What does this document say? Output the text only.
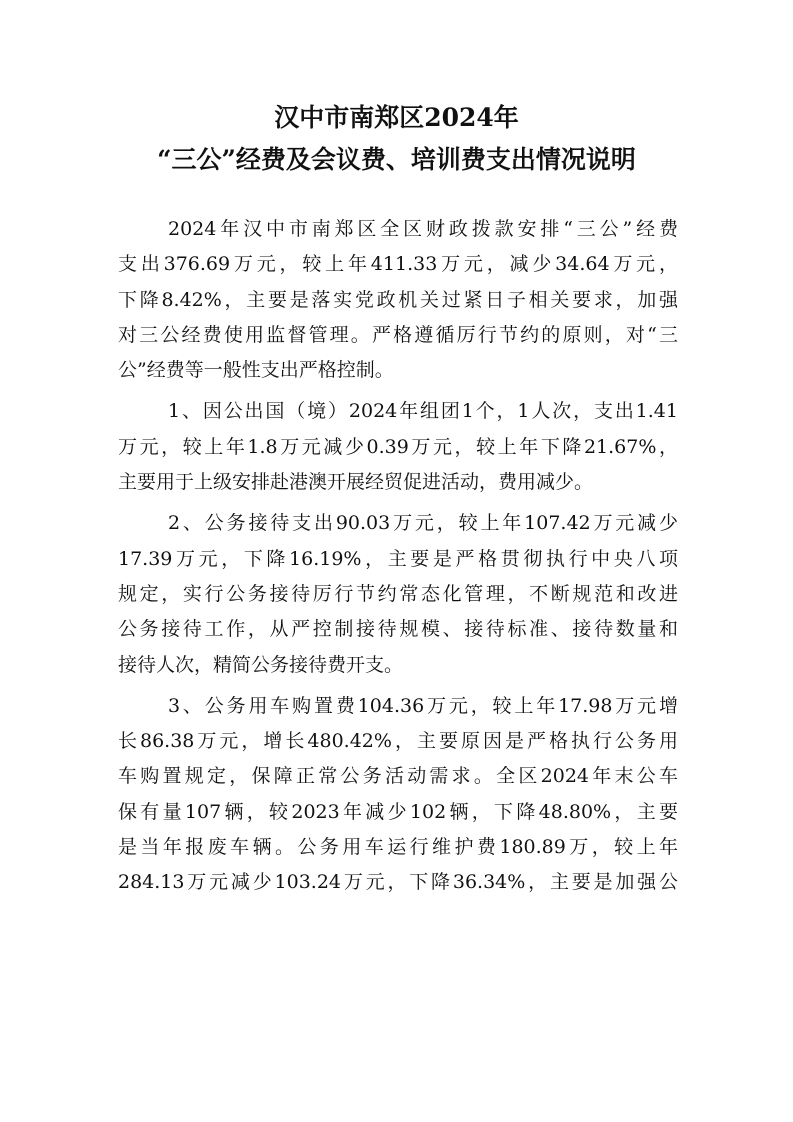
汉中市南郑区2024年
“三公”经费及会议费、培训费支出情况说明
2024年汉中市南郑区全区财政拨款安排“三公”经费
支出376.69万元，较上年411.33万元，减少34.64万元，
下降8.42%，主要是落实党政机关过紧日子相关要求，加强
对三公经费使用监督管理。严格遵循厉行节约的原则，对“三
公”经费等一般性支出严格控制。
1、因公出国（境）2024年组团1个，1人次，支出1.41
万元，较上年1.8万元减少0.39万元，较上年下降21.67%，
主要用于上级安排赴港澳开展经贸促进活动，费用减少。
2、公务接待支出90.03万元，较上年107.42万元减少
17.39万元，下降16.19%，主要是严格贯彻执行中央八项
规定，实行公务接待厉行节约常态化管理，不断规范和改进
公务接待工作，从严控制接待规模、接待标准、接待数量和
接待人次，精简公务接待费开支。
3、公务用车购置费104.36万元，较上年17.98万元增
长86.38万元，增长480.42%，主要原因是严格执行公务用
车购置规定，保障正常公务活动需求。全区2024年末公车
保有量107辆，较2023年减少102辆，下降48.80%，主要
是当年报废车辆。公务用车运行维护费180.89万，较上年
284.13万元减少103.24万元，下降36.34%，主要是加强公
